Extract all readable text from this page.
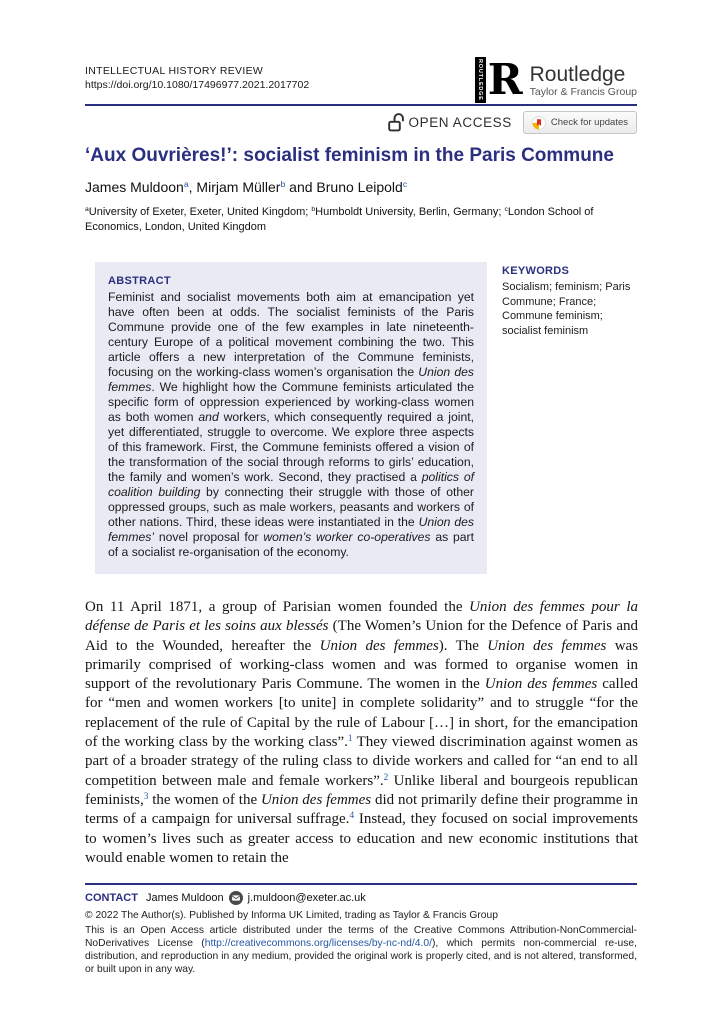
INTELLECTUAL HISTORY REVIEW
https://doi.org/10.1080/17496977.2021.2017702	ROUTLEDGE R Routledge
Taylor & Francis Group
OPEN ACCESS	Check for updates
‘Aux Ouvrières!’: socialist feminism in the Paris Commune
James Muldoon$^a$, Mirjam Müller$^b$ and Bruno Leipold$^c$
$^a$University of Exeter, Exeter, United Kingdom; $^b$Humboldt University, Berlin, Germany; $^c$London School of Economics, London, United Kingdom
ABSTRACT
Feminist and socialist movements both aim at emancipation yet have often been at odds. The socialist feminists of the Paris Commune provide one of the few examples in late nineteenth-century Europe of a political movement combining the two. This article offers a new interpretation of the Commune feminists, focusing on the working-class women’s organisation the Union des femmes. We highlight how the Commune feminists articulated the specific form of oppression experienced by working-class women as both women and workers, which consequently required a joint, yet differentiated, struggle to overcome. We explore three aspects of this framework. First, the Commune feminists offered a vision of the transformation of the social through reforms to girls’ education, the family and women’s work. Second, they practised a politics of coalition building by connecting their struggle with those of other oppressed groups, such as male workers, peasants and workers of other nations. Third, these ideas were instantiated in the Union des femmes’ novel proposal for women’s worker co-operatives as part of a socialist re-organisation of the economy.
KEYWORDS
Socialism; feminism; Paris Commune; France; Commune feminism; socialist feminism
On 11 April 1871, a group of Parisian women founded the Union des femmes pour la défense de Paris et les soins aux blessés (The Women’s Union for the Defence of Paris and Aid to the Wounded, hereafter the Union des femmes). The Union des femmes was primarily comprised of working-class women and was formed to organise women in support of the revolutionary Paris Commune. The women in the Union des femmes called for “men and women workers [to unite] in complete solidarity” and to struggle “for the replacement of the rule of Capital by the rule of Labour […] in short, for the emancipation of the working class by the working class”.$^1$ They viewed discrimination against women as part of a broader strategy of the ruling class to divide workers and called for “an end to all competition between male and female workers”.$^2$ Unlike liberal and bourgeois republican feminists,$^3$ the women of the Union des femmes did not primarily define their programme in terms of a campaign for universal suffrage.$^4$ Instead, they focused on social improvements to women’s lives such as greater access to education and new economic institutions that would enable women to retain the
CONTACT James Muldoon j.muldoon@exeter.ac.uk
© 2022 The Author(s). Published by Informa UK Limited, trading as Taylor & Francis Group
This is an Open Access article distributed under the terms of the Creative Commons Attribution-NonCommercial-NoDerivatives License (http://creativecommons.org/licenses/by-nc-nd/4.0/), which permits non-commercial re-use, distribution, and reproduction in any medium, provided the original work is properly cited, and is not altered, transformed, or built upon in any way.
